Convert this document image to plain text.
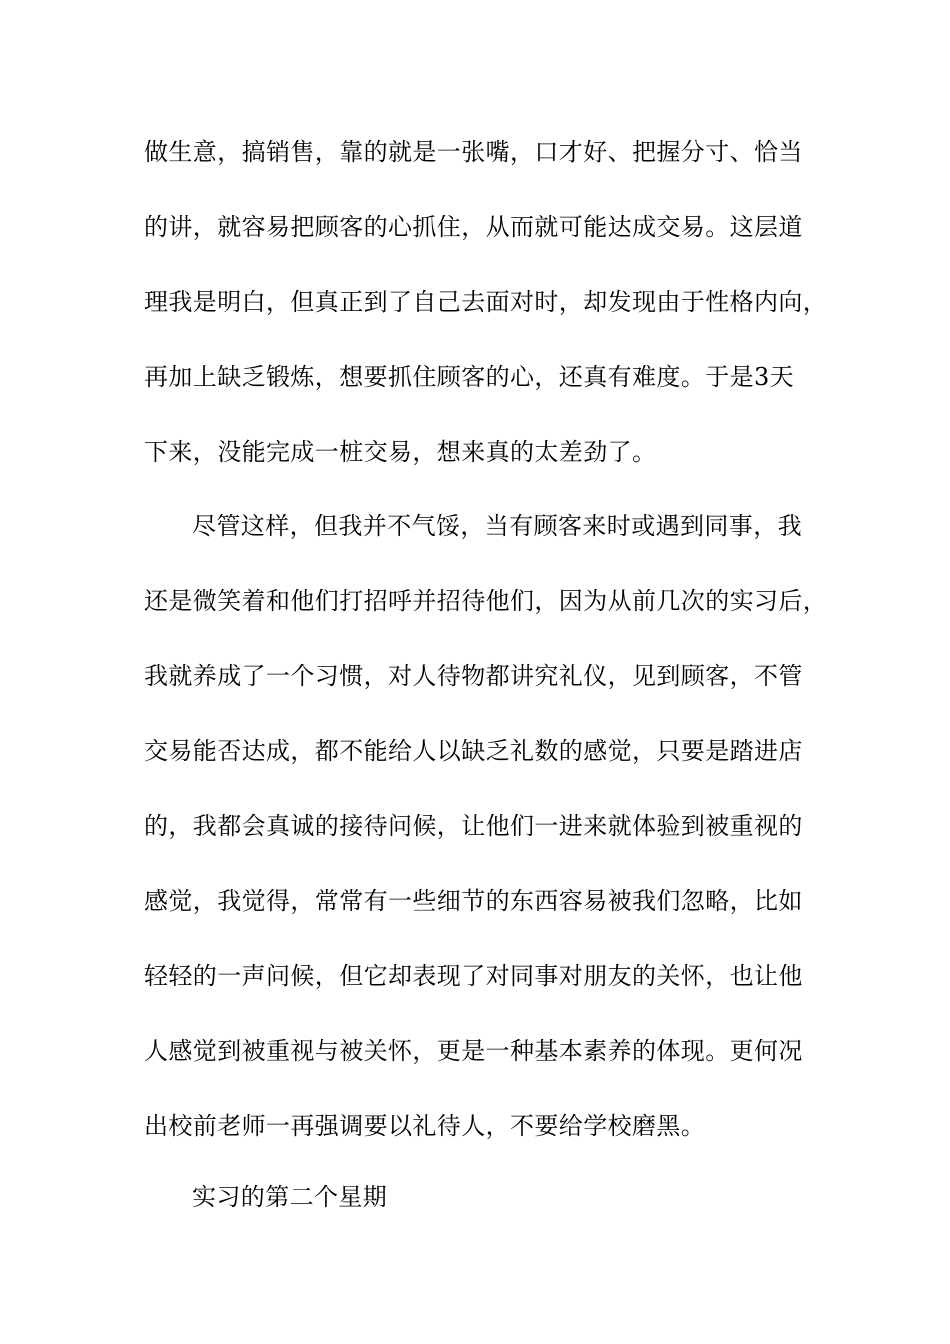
做生意，搞销售，靠的就是一张嘴，口才好、把握分寸、恰当
的讲，就容易把顾客的心抓住，从而就可能达成交易。这层道
理我是明白，但真正到了自己去面对时，却发现由于性格内向，
再加上缺乏锻炼，想要抓住顾客的心，还真有难度。于是3天
下来，没能完成一桩交易，想来真的太差劲了。
尽管这样，但我并不气馁，当有顾客来时或遇到同事，我
还是微笑着和他们打招呼并招待他们，因为从前几次的实习后，
我就养成了一个习惯，对人待物都讲究礼仪，见到顾客，不管
交易能否达成，都不能给人以缺乏礼数的感觉，只要是踏进店
的，我都会真诚的接待问候，让他们一进来就体验到被重视的
感觉，我觉得，常常有一些细节的东西容易被我们忽略，比如
轻轻的一声问候，但它却表现了对同事对朋友的关怀，也让他
人感觉到被重视与被关怀，更是一种基本素养的体现。更何况
出校前老师一再强调要以礼待人，不要给学校磨黑。
实习的第二个星期
